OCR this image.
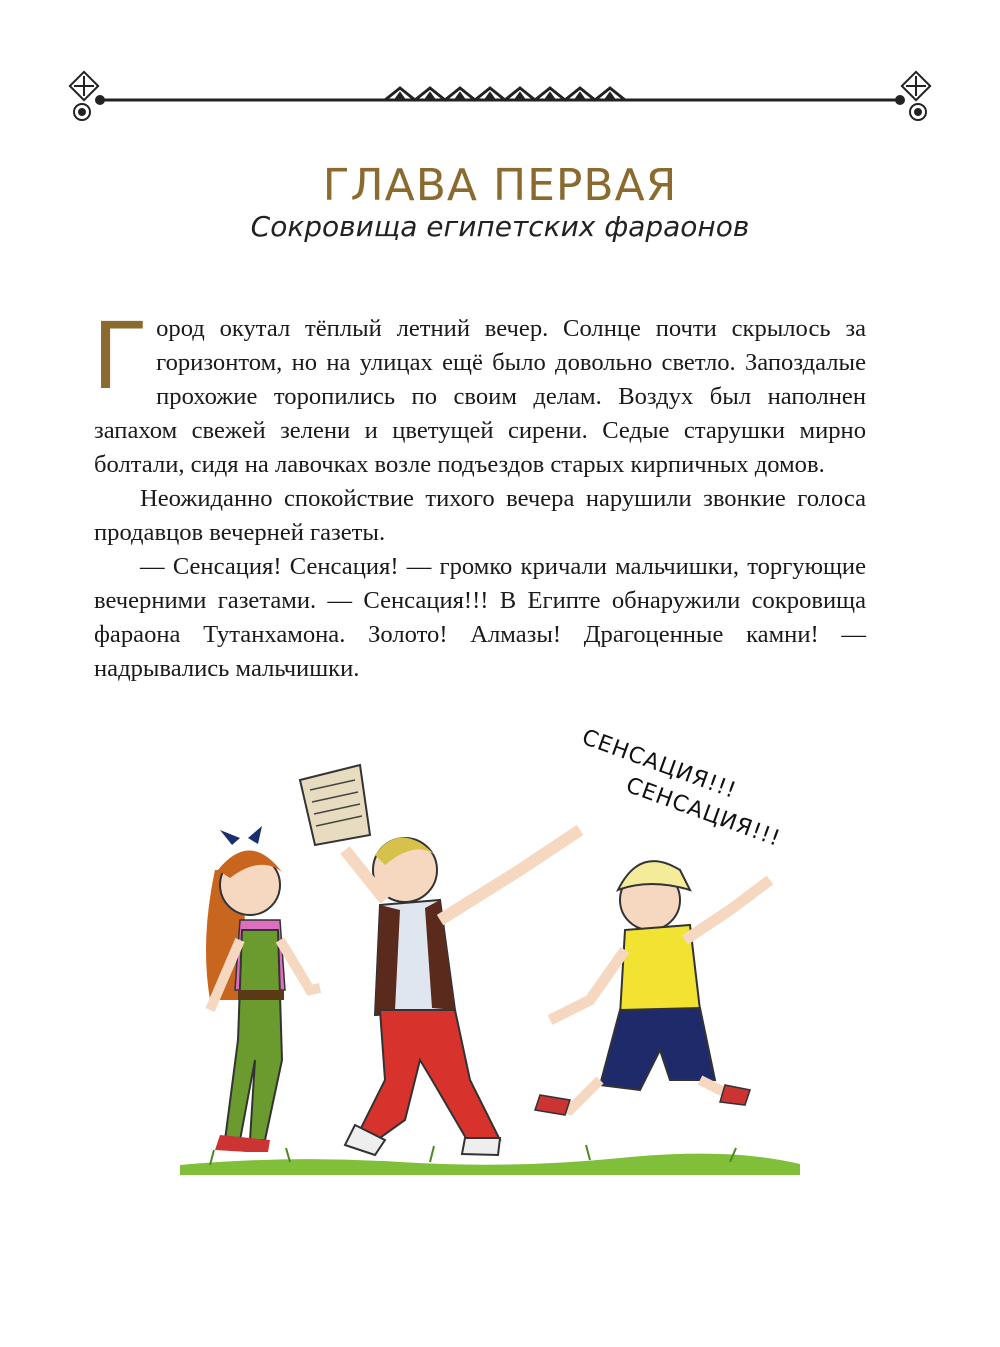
ГЛАВА ПЕРВАЯ
Сокровища египетских фараонов

Город окутал тёплый летний вечер. Солнце почти скрылось за горизонтом, но на улицах ещё было довольно светло. Запоздалые прохожие торопились по своим делам. Воздух был наполнен запахом свежей зелени и цветущей сирени. Седые старушки мирно болтали, сидя на лавочках возле подъездов старых кирпичных домов.

Неожиданно спокойствие тихого вечера нарушили звонкие голоса продавцов вечерней газеты.

— Сенсация! Сенсация! — громко кричали мальчишки, торгующие вечерними газетами. — Сенсация!!! В Египте обнаружили сокровища фараона Тутанхамона. Золото! Алмазы! Драгоценные камни! — надрывались мальчишки.

СЕНСАЦИЯ!!!
СЕНСАЦИЯ!!!
